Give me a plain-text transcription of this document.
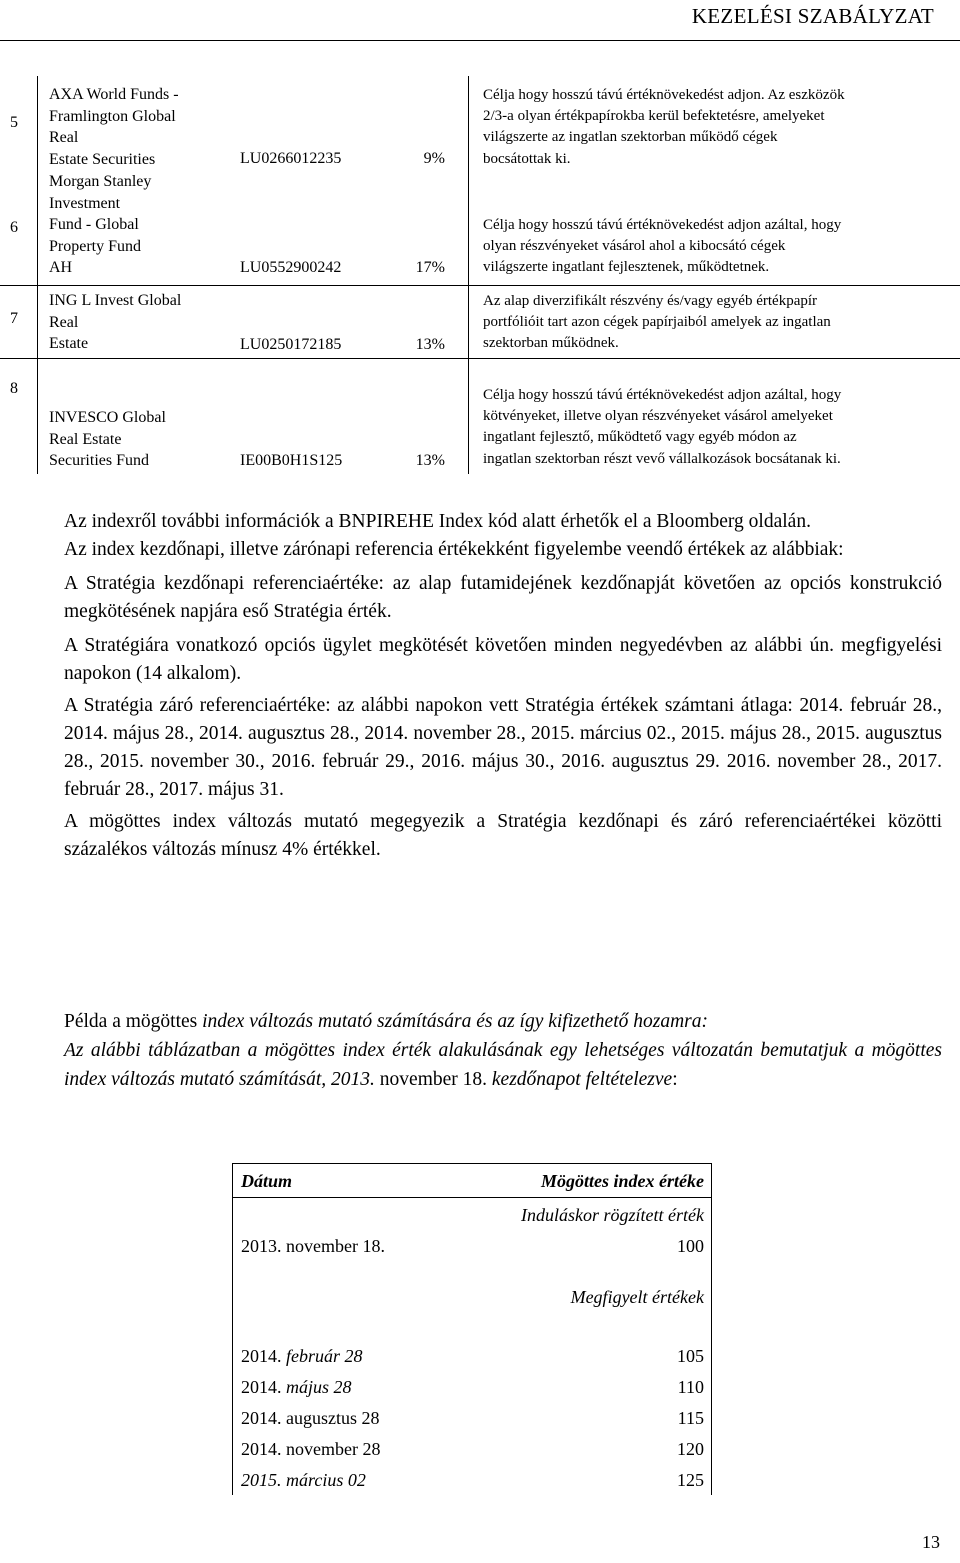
KEZELÉSI SZABÁLYZAT
5
AXA World Funds -
Framlington Global
Real
Estate Securities	LU0266012235	9%
Célja hogy hosszú távú értéknövekedést adjon. Az eszközök
2/3-a olyan értékpapírokba kerül befektetésre, amelyeket
világszerte az ingatlan szektorban működő cégek
bocsátottak ki.
6
Morgan Stanley
Investment
Fund - Global
Property Fund
AH	LU0552900242	17%
Célja hogy hosszú távú értéknövekedést adjon azáltal, hogy
olyan részvényeket vásárol ahol a kibocsátó cégek
világszerte ingatlant fejlesztenek, működtetnek.
7
ING L Invest Global
Real
Estate	LU0250172185	13%
Az alap diverzifikált részvény és/vagy egyéb értékpapír
portfólióit tart azon cégek papírjaiból amelyek az ingatlan
szektorban működnek.
8
INVESCO Global
Real Estate
Securities Fund	IE00B0H1S125	13%
Célja hogy hosszú távú értéknövekedést adjon azáltal, hogy
kötvényeket, illetve olyan részvényeket vásárol amelyeket
ingatlant fejlesztő, működtető vagy egyéb módon az
ingatlan szektorban részt vevő vállalkozások bocsátanak ki.

Az indexről további információk a BNPIREHE Index kód alatt érhetők el a Bloomberg oldalán.

Az index kezdőnapi, illetve zárónapi referencia értékekként figyelembe veendő értékek az alábbiak:

A Stratégia kezdőnapi referenciaértéke: az alap futamidejének kezdőnapját követően az opciós konstrukció megkötésének napjára eső Stratégia érték.

A Stratégiára vonatkozó opciós ügylet megkötését követően minden negyedévben az alábbi ún. megfigyelési napokon (14 alkalom).

A Stratégia záró referenciaértéke: az alábbi napokon vett Stratégia értékek számtani átlaga: 2014. február 28., 2014. május 28., 2014. augusztus 28., 2014. november 28., 2015. március 02., 2015. május 28., 2015. augusztus 28., 2015. november 30., 2016. február 29., 2016. május 30., 2016. augusztus 29. 2016. november 28., 2017. február 28., 2017. május 31.

A mögöttes index változás mutató megegyezik a Stratégia kezdőnapi és záró referenciaértékei közötti százalékos változás mínusz 4% értékkel.

Példa a mögöttes index változás mutató számítására és az így kifizethető hozamra:

Az alábbi táblázatban a mögöttes index érték alakulásának egy lehetséges változatán bemutatjuk a mögöttes index változás mutató számítását, 2013. november 18. kezdőnapot feltételezve:

Dátum	Mögöttes index értéke
Induláskor rögzített érték
2013. november 18.	100
Megfigyelt értékek
2014. február 28	105
2014. május 28	110
2014. augusztus 28	115
2014. november 28	120
2015. március 02	125
13
